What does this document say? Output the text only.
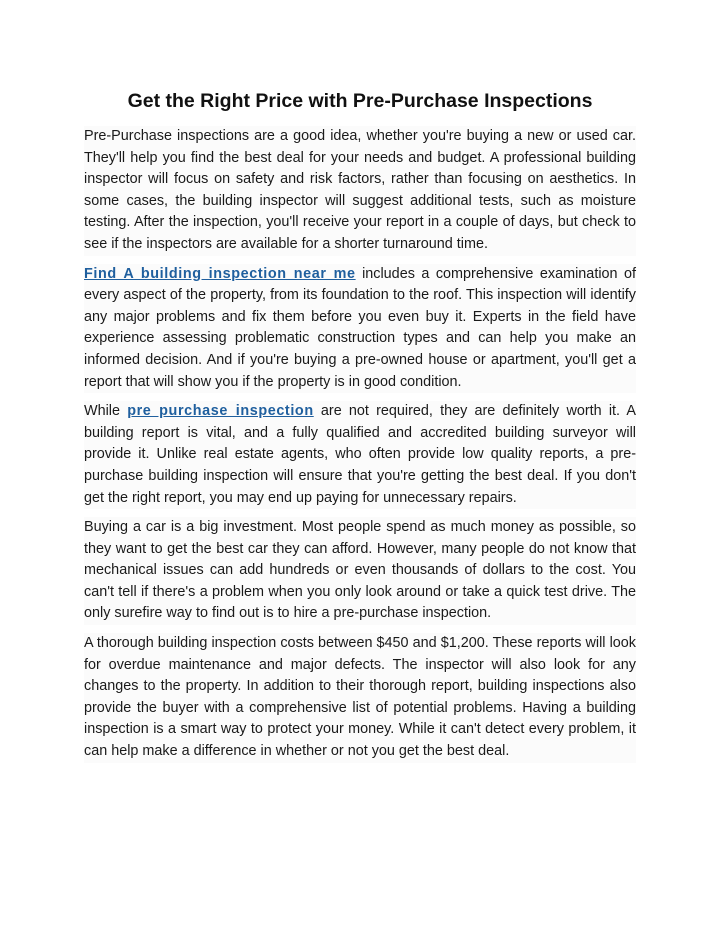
Get the Right Price with Pre-Purchase Inspections

Pre-Purchase inspections are a good idea, whether you're buying a new or used car. They'll help you find the best deal for your needs and budget. A professional building inspector will focus on safety and risk factors, rather than focusing on aesthetics. In some cases, the building inspector will suggest additional tests, such as moisture testing. After the inspection, you'll receive your report in a couple of days, but check to see if the inspectors are available for a shorter turnaround time.

Find A building inspection near me includes a comprehensive examination of every aspect of the property, from its foundation to the roof. This inspection will identify any major problems and fix them before you even buy it. Experts in the field have experience assessing problematic construction types and can help you make an informed decision. And if you're buying a pre-owned house or apartment, you'll get a report that will show you if the property is in good condition.

While pre purchase inspection are not required, they are definitely worth it. A building report is vital, and a fully qualified and accredited building surveyor will provide it. Unlike real estate agents, who often provide low quality reports, a pre-purchase building inspection will ensure that you're getting the best deal. If you don't get the right report, you may end up paying for unnecessary repairs.

Buying a car is a big investment. Most people spend as much money as possible, so they want to get the best car they can afford. However, many people do not know that mechanical issues can add hundreds or even thousands of dollars to the cost. You can't tell if there's a problem when you only look around or take a quick test drive. The only surefire way to find out is to hire a pre-purchase inspection.

A thorough building inspection costs between $450 and $1,200. These reports will look for overdue maintenance and major defects. The inspector will also look for any changes to the property. In addition to their thorough report, building inspections also provide the buyer with a comprehensive list of potential problems. Having a building inspection is a smart way to protect your money. While it can't detect every problem, it can help make a difference in whether or not you get the best deal.
